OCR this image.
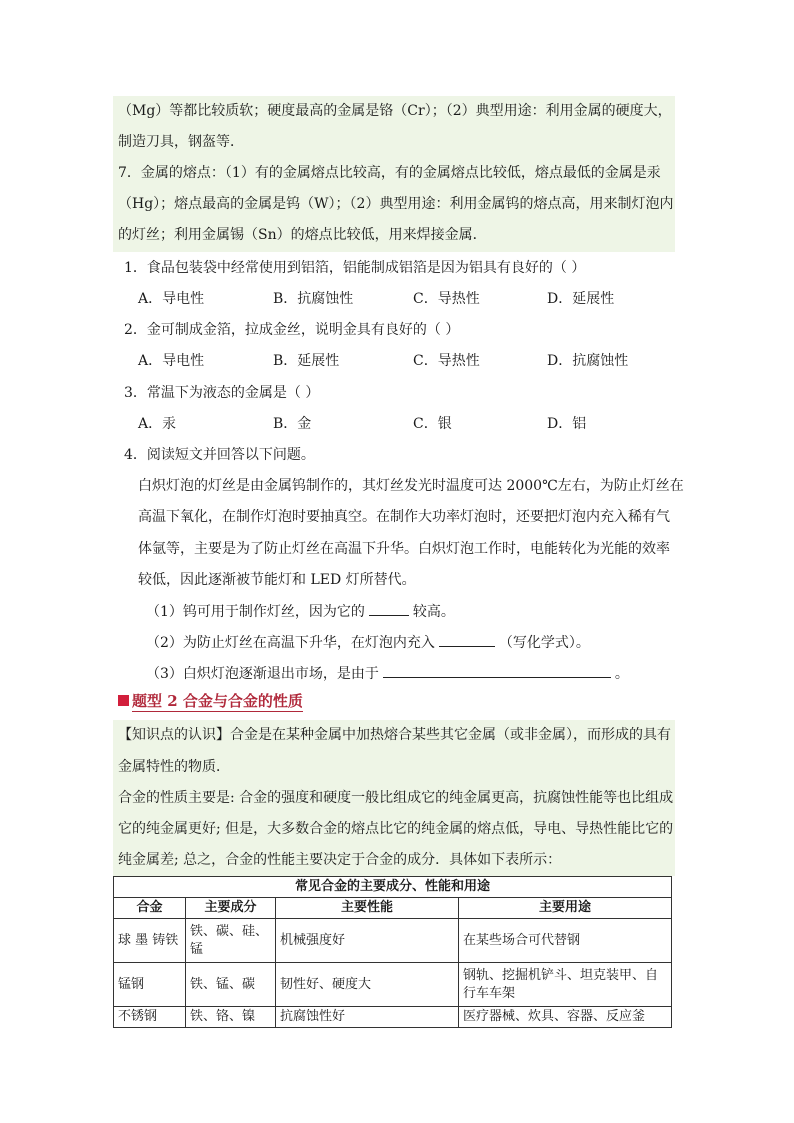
（Mg）等都比较质软；硬度最高的金属是铬（Cr）；（2）典型用途：利用金属的硬度大，
制造刀具，钢盔等．
7．金属的熔点：（1）有的金属熔点比较高，有的金属熔点比较低，熔点最低的金属是汞
（Hg）；熔点最高的金属是钨（W）；（2）典型用途：利用金属钨的熔点高，用来制灯泡内
的灯丝；利用金属锡（Sn）的熔点比较低，用来焊接金属．
1．食品包装袋中经常使用到铝箔，铝能制成铝箔是因为铝具有良好的（ ）
A．导电性	B．抗腐蚀性	C．导热性	D．延展性
2．金可制成金箔，拉成金丝，说明金具有良好的（ ）
A．导电性	B．延展性	C．导热性	D．抗腐蚀性
3．常温下为液态的金属是（ ）
A．汞	B．金	C．银	D．铝
4．阅读短文并回答以下问题。
白炽灯泡的灯丝是由金属钨制作的，其灯丝发光时温度可达 2000℃左右，为防止灯丝在
高温下氧化，在制作灯泡时要抽真空。在制作大功率灯泡时，还要把灯泡内充入稀有气
体氩等，主要是为了防止灯丝在高温下升华。白炽灯泡工作时，电能转化为光能的效率
较低，因此逐渐被节能灯和 LED 灯所替代。
（1）钨可用于制作灯丝，因为它的	较高。
（2）为防止灯丝在高温下升华，在灯泡内充入	（写化学式）。
（3）白炽灯泡逐渐退出市场，是由于	。
题型 2 合金与合金的性质
【知识点的认识】合金是在某种金属中加热熔合某些其它金属（或非金属），而形成的具有
金属特性的物质．
合金的性质主要是: 合金的强度和硬度一般比组成它的纯金属更高，抗腐蚀性能等也比组成
它的纯金属更好; 但是，大多数合金的熔点比它的纯金属的熔点低，导电、导热性能比它的
纯金属差; 总之，合金的性能主要决定于合金的成分．具体如下表所示：
常见合金的主要成分、性能和用途			
合金	主要成分	主要性能	主要用途
球 墨 铸铁	铁、碳、硅、锰	机械强度好	在某些场合可代替钢
锰钢	铁、锰、碳	韧性好、硬度大	钢轨、挖掘机铲斗、坦克装甲、自行车车架
不锈钢	铁、铬、镍	抗腐蚀性好	医疗器械、炊具、容器、反应釜
